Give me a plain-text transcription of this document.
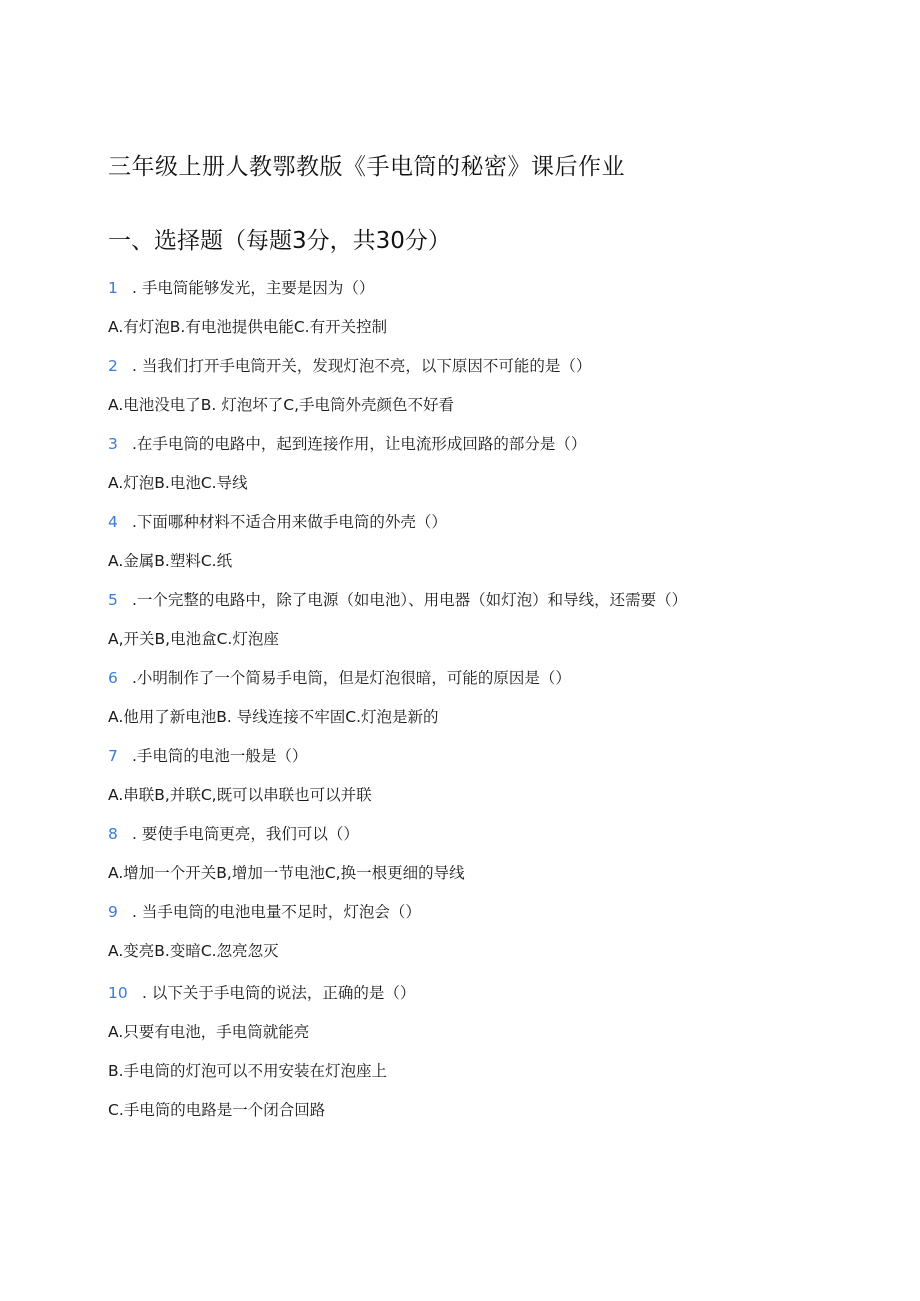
三年级上册人教鄂教版《手电筒的秘密》课后作业
一、选择题（每题3分，共30分）
1 . 手电筒能够发光，主要是因为（）
A.有灯泡B.有电池提供电能C.有开关控制
2 . 当我们打开手电筒开关，发现灯泡不亮，以下原因不可能的是（）
A.电池没电了B. 灯泡坏了C,手电筒外壳颜色不好看
3 .在手电筒的电路中，起到连接作用，让电流形成回路的部分是（）
A.灯泡B.电池C.导线
4 .下面哪种材料不适合用来做手电筒的外壳（）
A.金属B.塑料C.纸
5 .一个完整的电路中，除了电源（如电池）、用电器（如灯泡）和导线，还需要（）
A,开关B,电池盒C.灯泡座
6 .小明制作了一个简易手电筒，但是灯泡很暗，可能的原因是（）
A.他用了新电池B. 导线连接不牢固C.灯泡是新的
7 .手电筒的电池一般是（）
A.串联B,并联C,既可以串联也可以并联
8 . 要使手电筒更亮，我们可以（）
A.增加一个开关B,增加一节电池C,换一根更细的导线
9 . 当手电筒的电池电量不足时，灯泡会（）
A.变亮B.变暗C.忽亮忽灭
10 . 以下关于手电筒的说法，正确的是（）
A.只要有电池，手电筒就能亮
B.手电筒的灯泡可以不用安装在灯泡座上
C.手电筒的电路是一个闭合回路
